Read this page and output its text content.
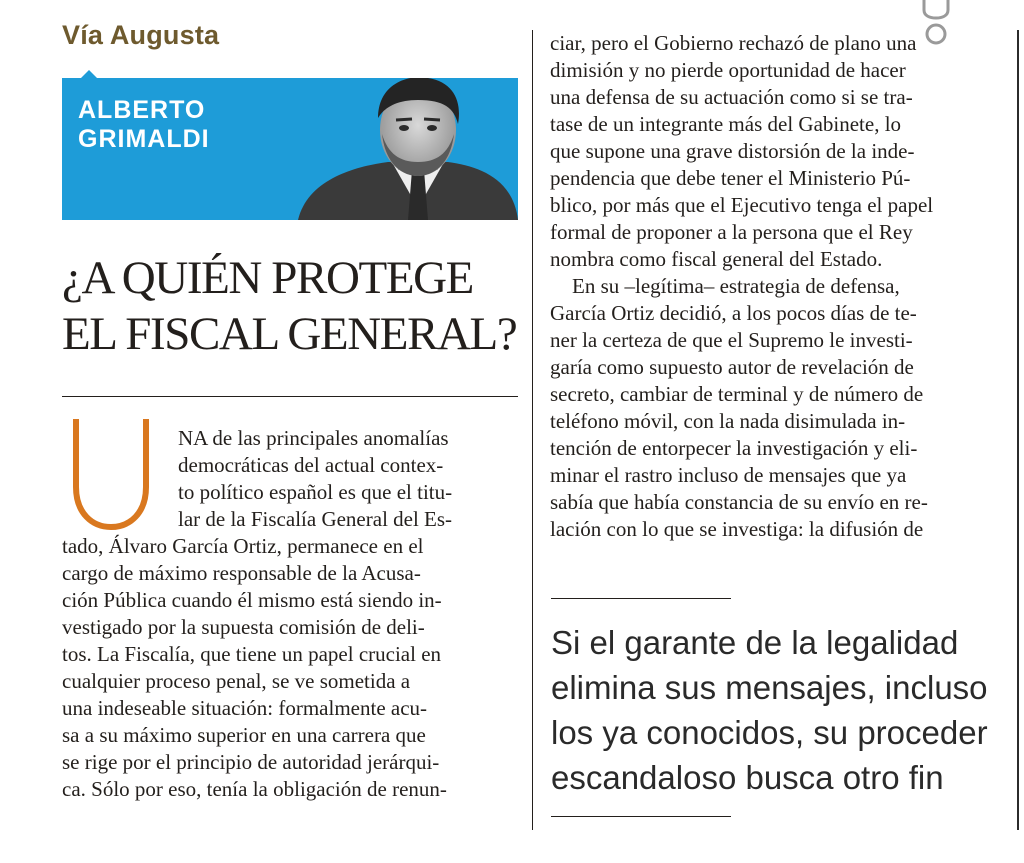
Vía Augusta
ALBERTO
GRIMALDI
¿A QUIÉN PROTEGE
EL FISCAL GENERAL?
NA de las principales anomalías
democráticas del actual contex-
to político español es que el titu-
lar de la Fiscalía General del Es-
tado, Álvaro García Ortiz, permanece en el
cargo de máximo responsable de la Acusa-
ción Pública cuando él mismo está siendo in-
vestigado por la supuesta comisión de deli-
tos. La Fiscalía, que tiene un papel crucial en
cualquier proceso penal, se ve sometida a
una indeseable situación: formalmente acu-
sa a su máximo superior en una carrera que
se rige por el principio de autoridad jerárqui-
ca. Sólo por eso, tenía la obligación de renun-
ciar, pero el Gobierno rechazó de plano una
dimisión y no pierde oportunidad de hacer
una defensa de su actuación como si se tra-
tase de un integrante más del Gabinete, lo
que supone una grave distorsión de la inde-
pendencia que debe tener el Ministerio Pú-
blico, por más que el Ejecutivo tenga el papel
formal de proponer a la persona que el Rey
nombra como fiscal general del Estado.
En su –legítima– estrategia de defensa,
García Ortiz decidió, a los pocos días de te-
ner la certeza de que el Supremo le investi-
garía como supuesto autor de revelación de
secreto, cambiar de terminal y de número de
teléfono móvil, con la nada disimulada in-
tención de entorpecer la investigación y eli-
minar el rastro incluso de mensajes que ya
sabía que había constancia de su envío en re-
lación con lo que se investiga: la difusión de
Si el garante de la legalidad
elimina sus mensajes, incluso
los ya conocidos, su proceder
escandaloso busca otro fin
